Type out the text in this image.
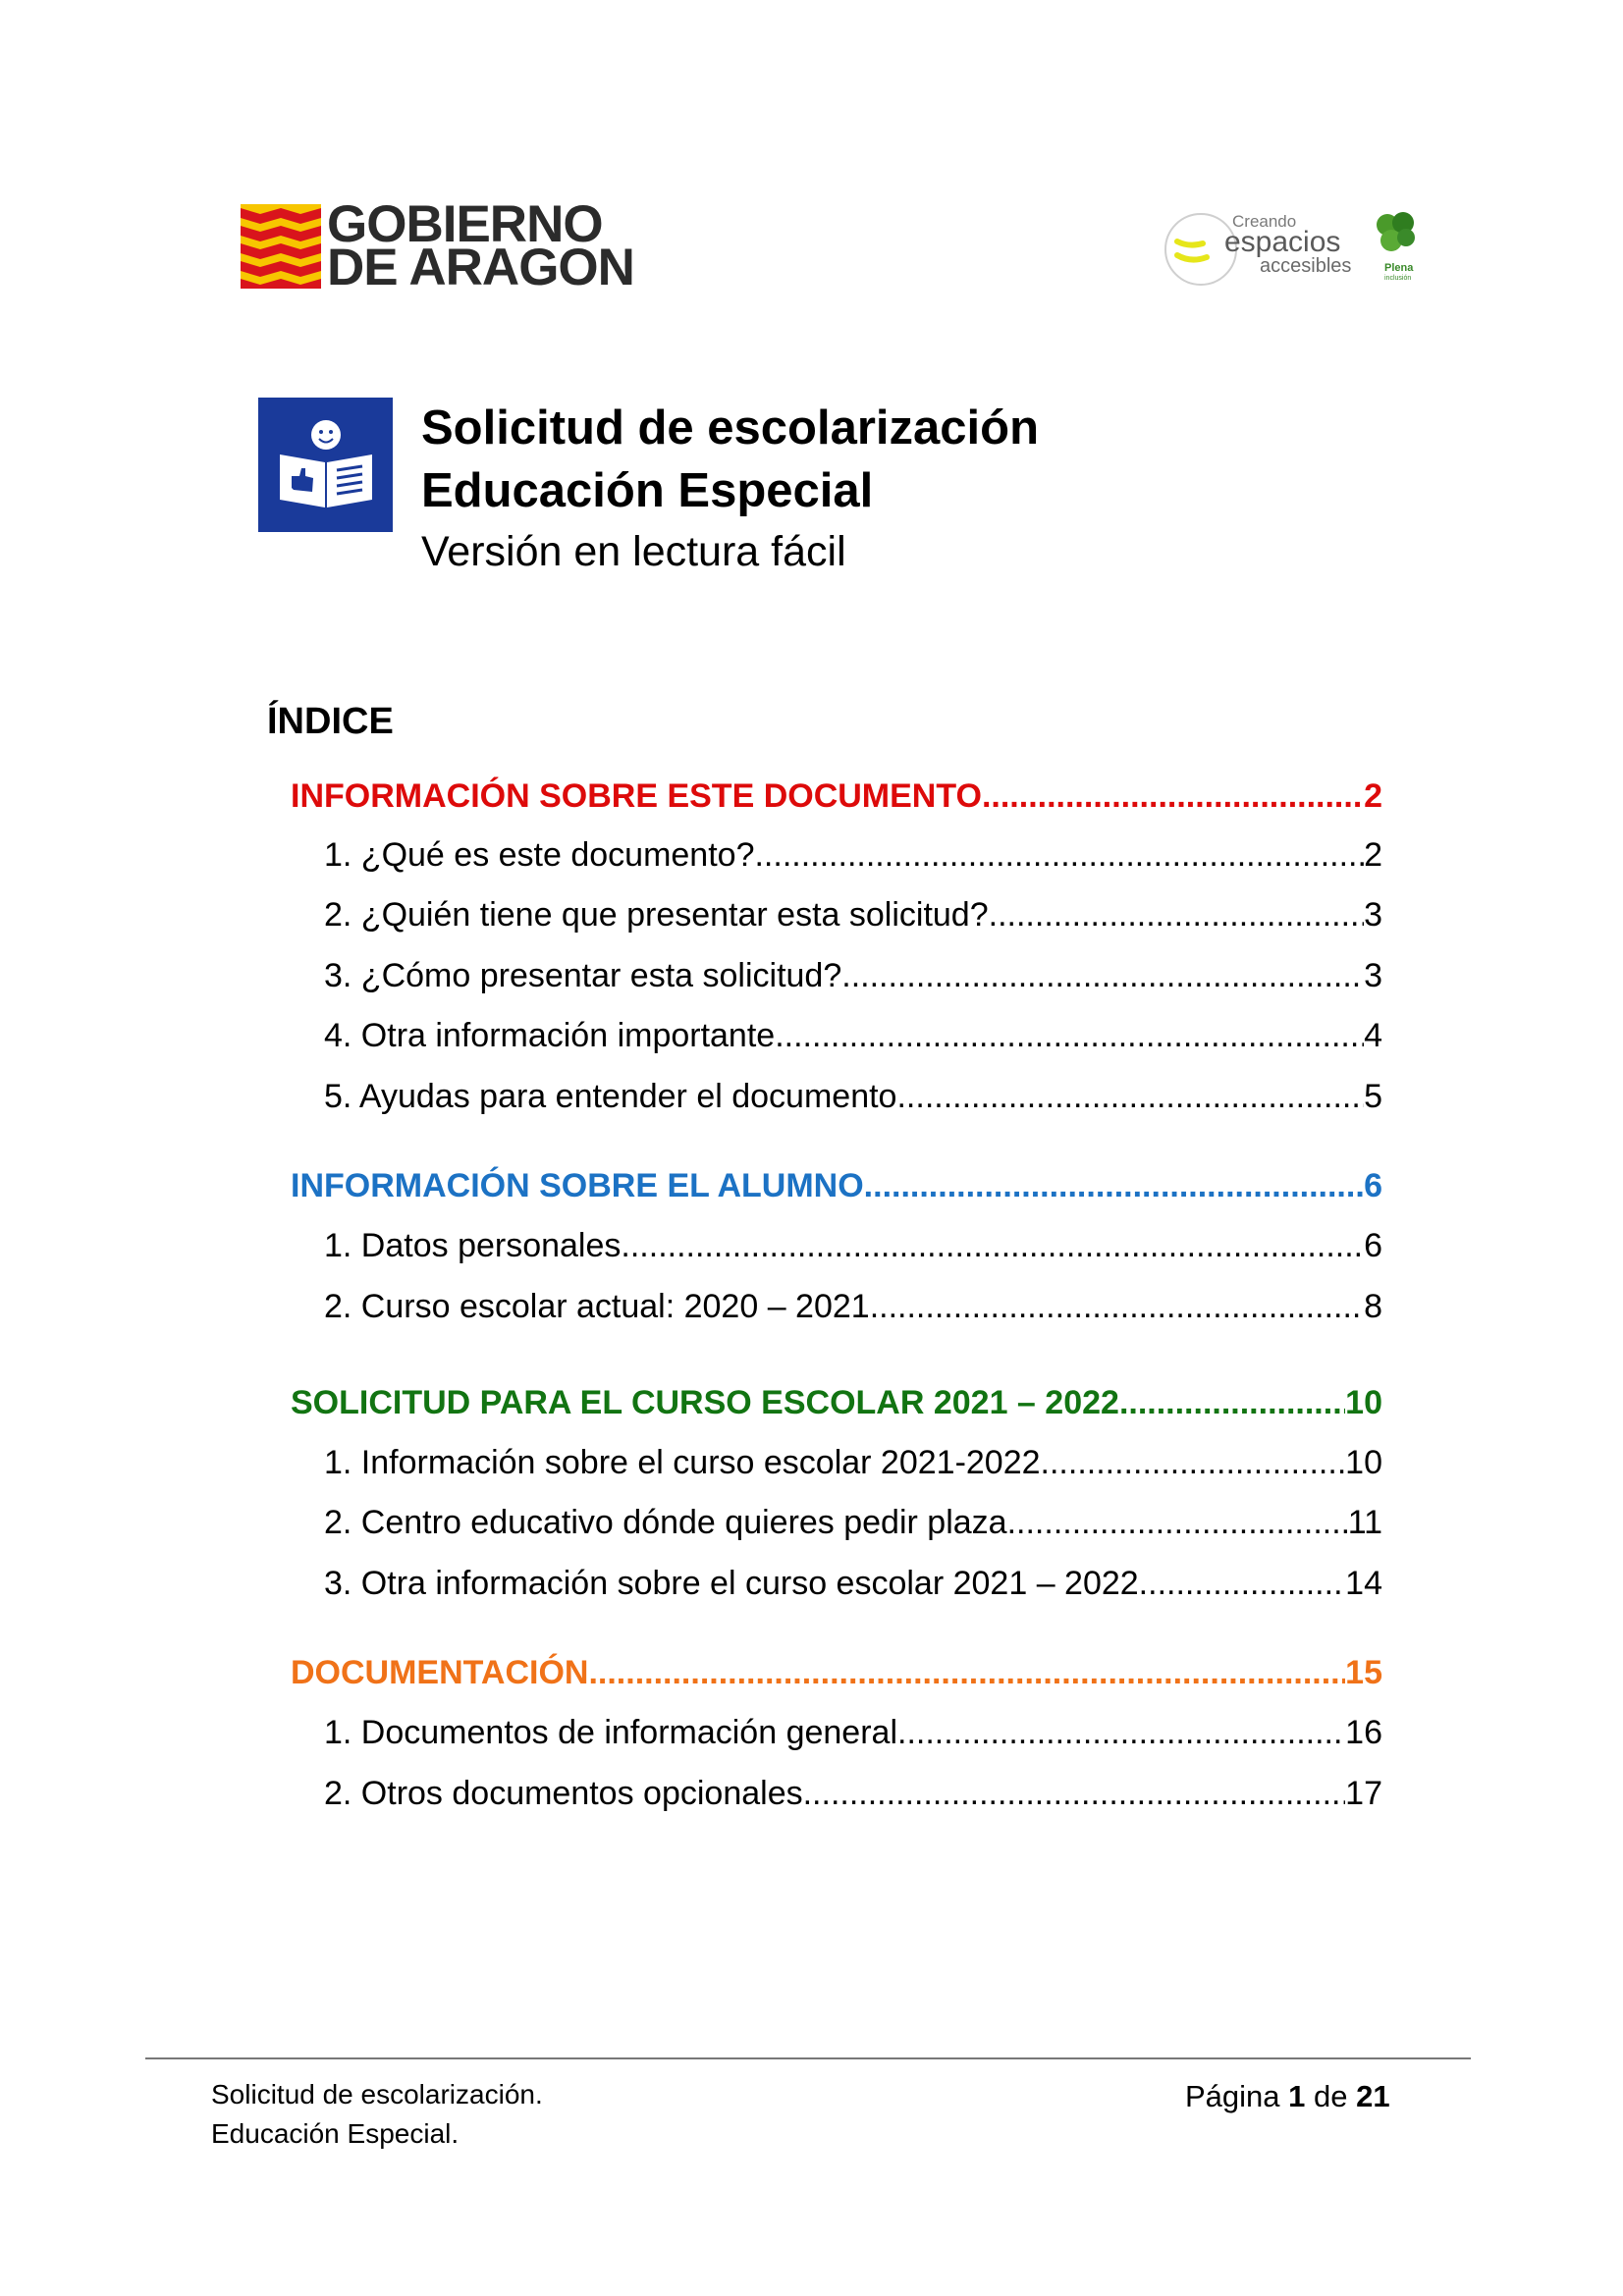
GOBIERNO
DE ARAGON
Creando
espacios
accesibles	Plena
inclusión
Solicitud de escolarización
Educación Especial
Versión en lectura fácil
ÍNDICE
INFORMACIÓN SOBRE ESTE DOCUMENTO .....	2
1. ¿Qué es este documento? .....	2
2. ¿Quién tiene que presentar esta solicitud? .....	3
3. ¿Cómo presentar esta solicitud? .....	3
4. Otra información importante. .....	4
5. Ayudas para entender el documento. .....	5
INFORMACIÓN SOBRE EL ALUMNO .....	6
1. Datos personales .....	6
2. Curso escolar actual: 2020 – 2021. .....	8
SOLICITUD PARA EL CURSO ESCOLAR 2021 – 2022 .....	10
1. Información sobre el curso escolar 2021-2022 .....	10
2. Centro educativo dónde quieres pedir plaza. .....	11
3. Otra información sobre el curso escolar 2021 – 2022. .....	14
DOCUMENTACIÓN .....	15
1. Documentos de información general. .....	16
2. Otros documentos opcionales .....	17
Solicitud de escolarización.
Educación Especial.
Página 1 de 21
